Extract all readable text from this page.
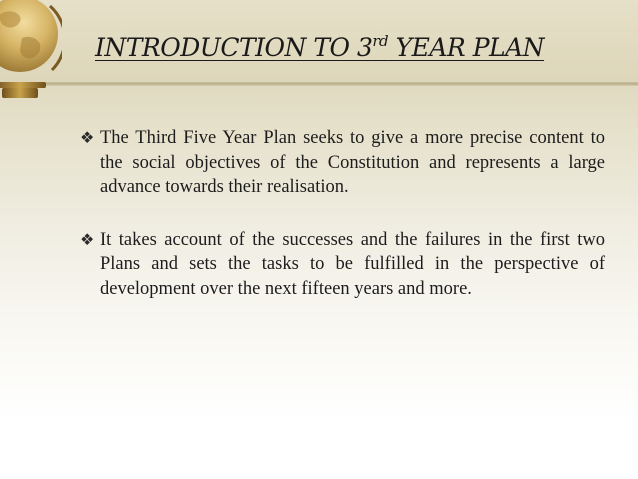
INTRODUCTION TO 3rd YEAR PLAN
❖ The Third Five Year Plan seeks to give a more precise content to the social objectives of the Constitution and represents a large advance towards their realisation.

❖ It takes account of the successes and the failures in the first two Plans and sets the tasks to be fulfilled in the perspective of development over the next fifteen years and more.
